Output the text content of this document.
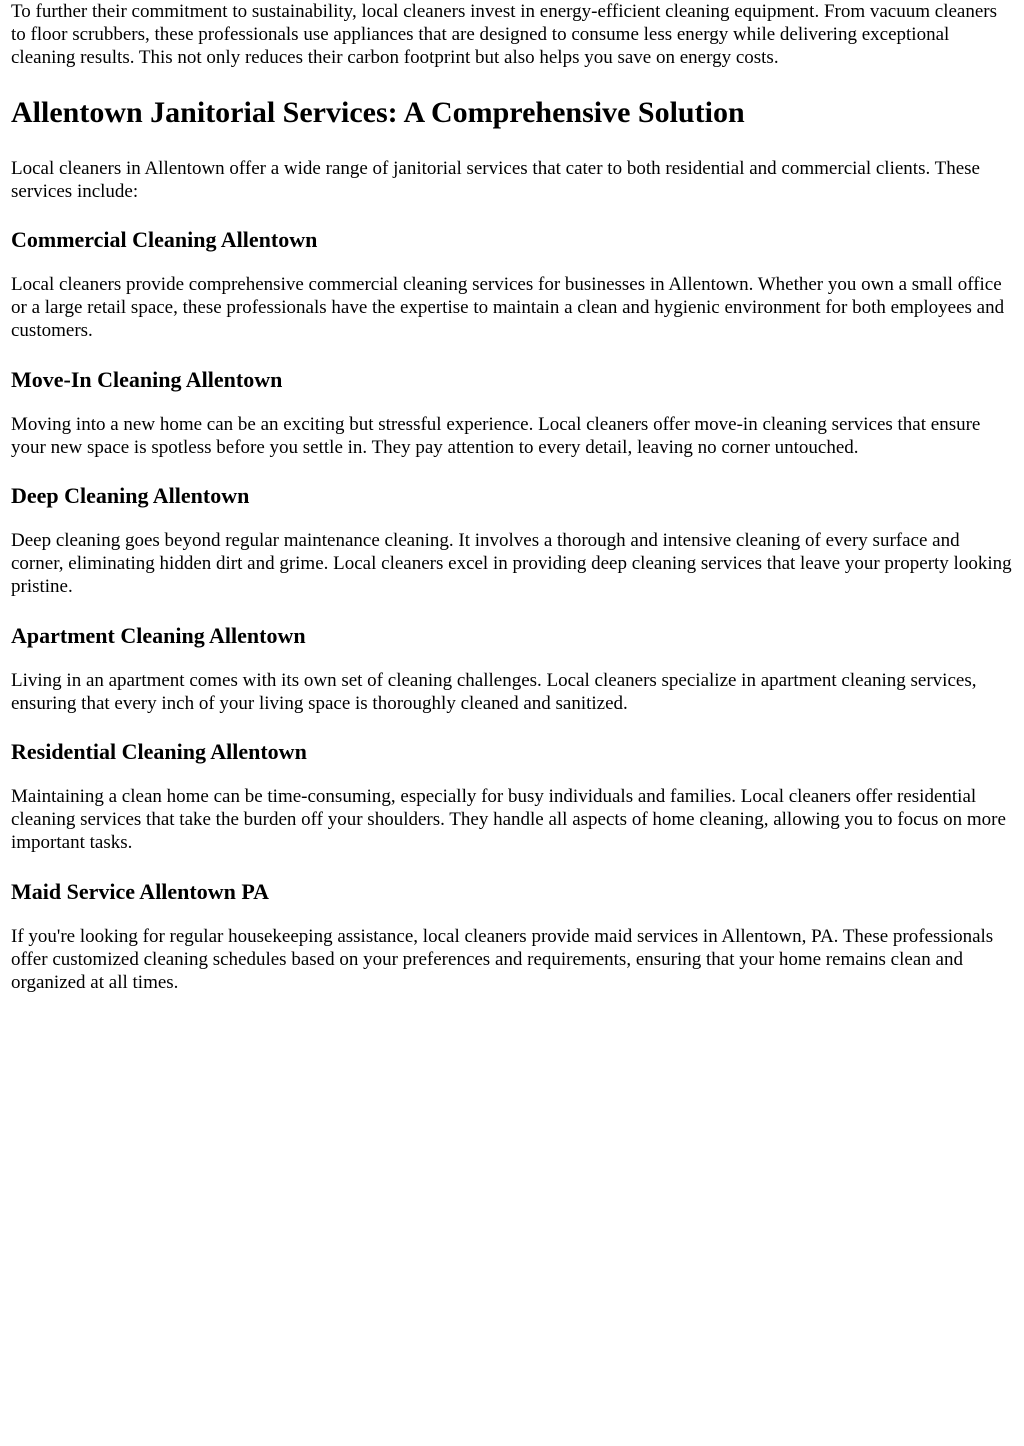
To further their commitment to sustainability, local cleaners invest in energy-efficient cleaning equipment. From vacuum cleaners to floor scrubbers, these professionals use appliances that are designed to consume less energy while delivering exceptional cleaning results. This not only reduces their carbon footprint but also helps you save on energy costs.

Allentown Janitorial Services: A Comprehensive Solution

Local cleaners in Allentown offer a wide range of janitorial services that cater to both residential and commercial clients. These services include:

Commercial Cleaning Allentown

Local cleaners provide comprehensive commercial cleaning services for businesses in Allentown. Whether you own a small office or a large retail space, these professionals have the expertise to maintain a clean and hygienic environment for both employees and customers.

Move-In Cleaning Allentown

Moving into a new home can be an exciting but stressful experience. Local cleaners offer move-in cleaning services that ensure your new space is spotless before you settle in. They pay attention to every detail, leaving no corner untouched.

Deep Cleaning Allentown

Deep cleaning goes beyond regular maintenance cleaning. It involves a thorough and intensive cleaning of every surface and corner, eliminating hidden dirt and grime. Local cleaners excel in providing deep cleaning services that leave your property looking pristine.

Apartment Cleaning Allentown

Living in an apartment comes with its own set of cleaning challenges. Local cleaners specialize in apartment cleaning services, ensuring that every inch of your living space is thoroughly cleaned and sanitized.

Residential Cleaning Allentown

Maintaining a clean home can be time-consuming, especially for busy individuals and families. Local cleaners offer residential cleaning services that take the burden off your shoulders. They handle all aspects of home cleaning, allowing you to focus on more important tasks.

Maid Service Allentown PA

If you're looking for regular housekeeping assistance, local cleaners provide maid services in Allentown, PA. These professionals offer customized cleaning schedules based on your preferences and requirements, ensuring that your home remains clean and organized at all times.
